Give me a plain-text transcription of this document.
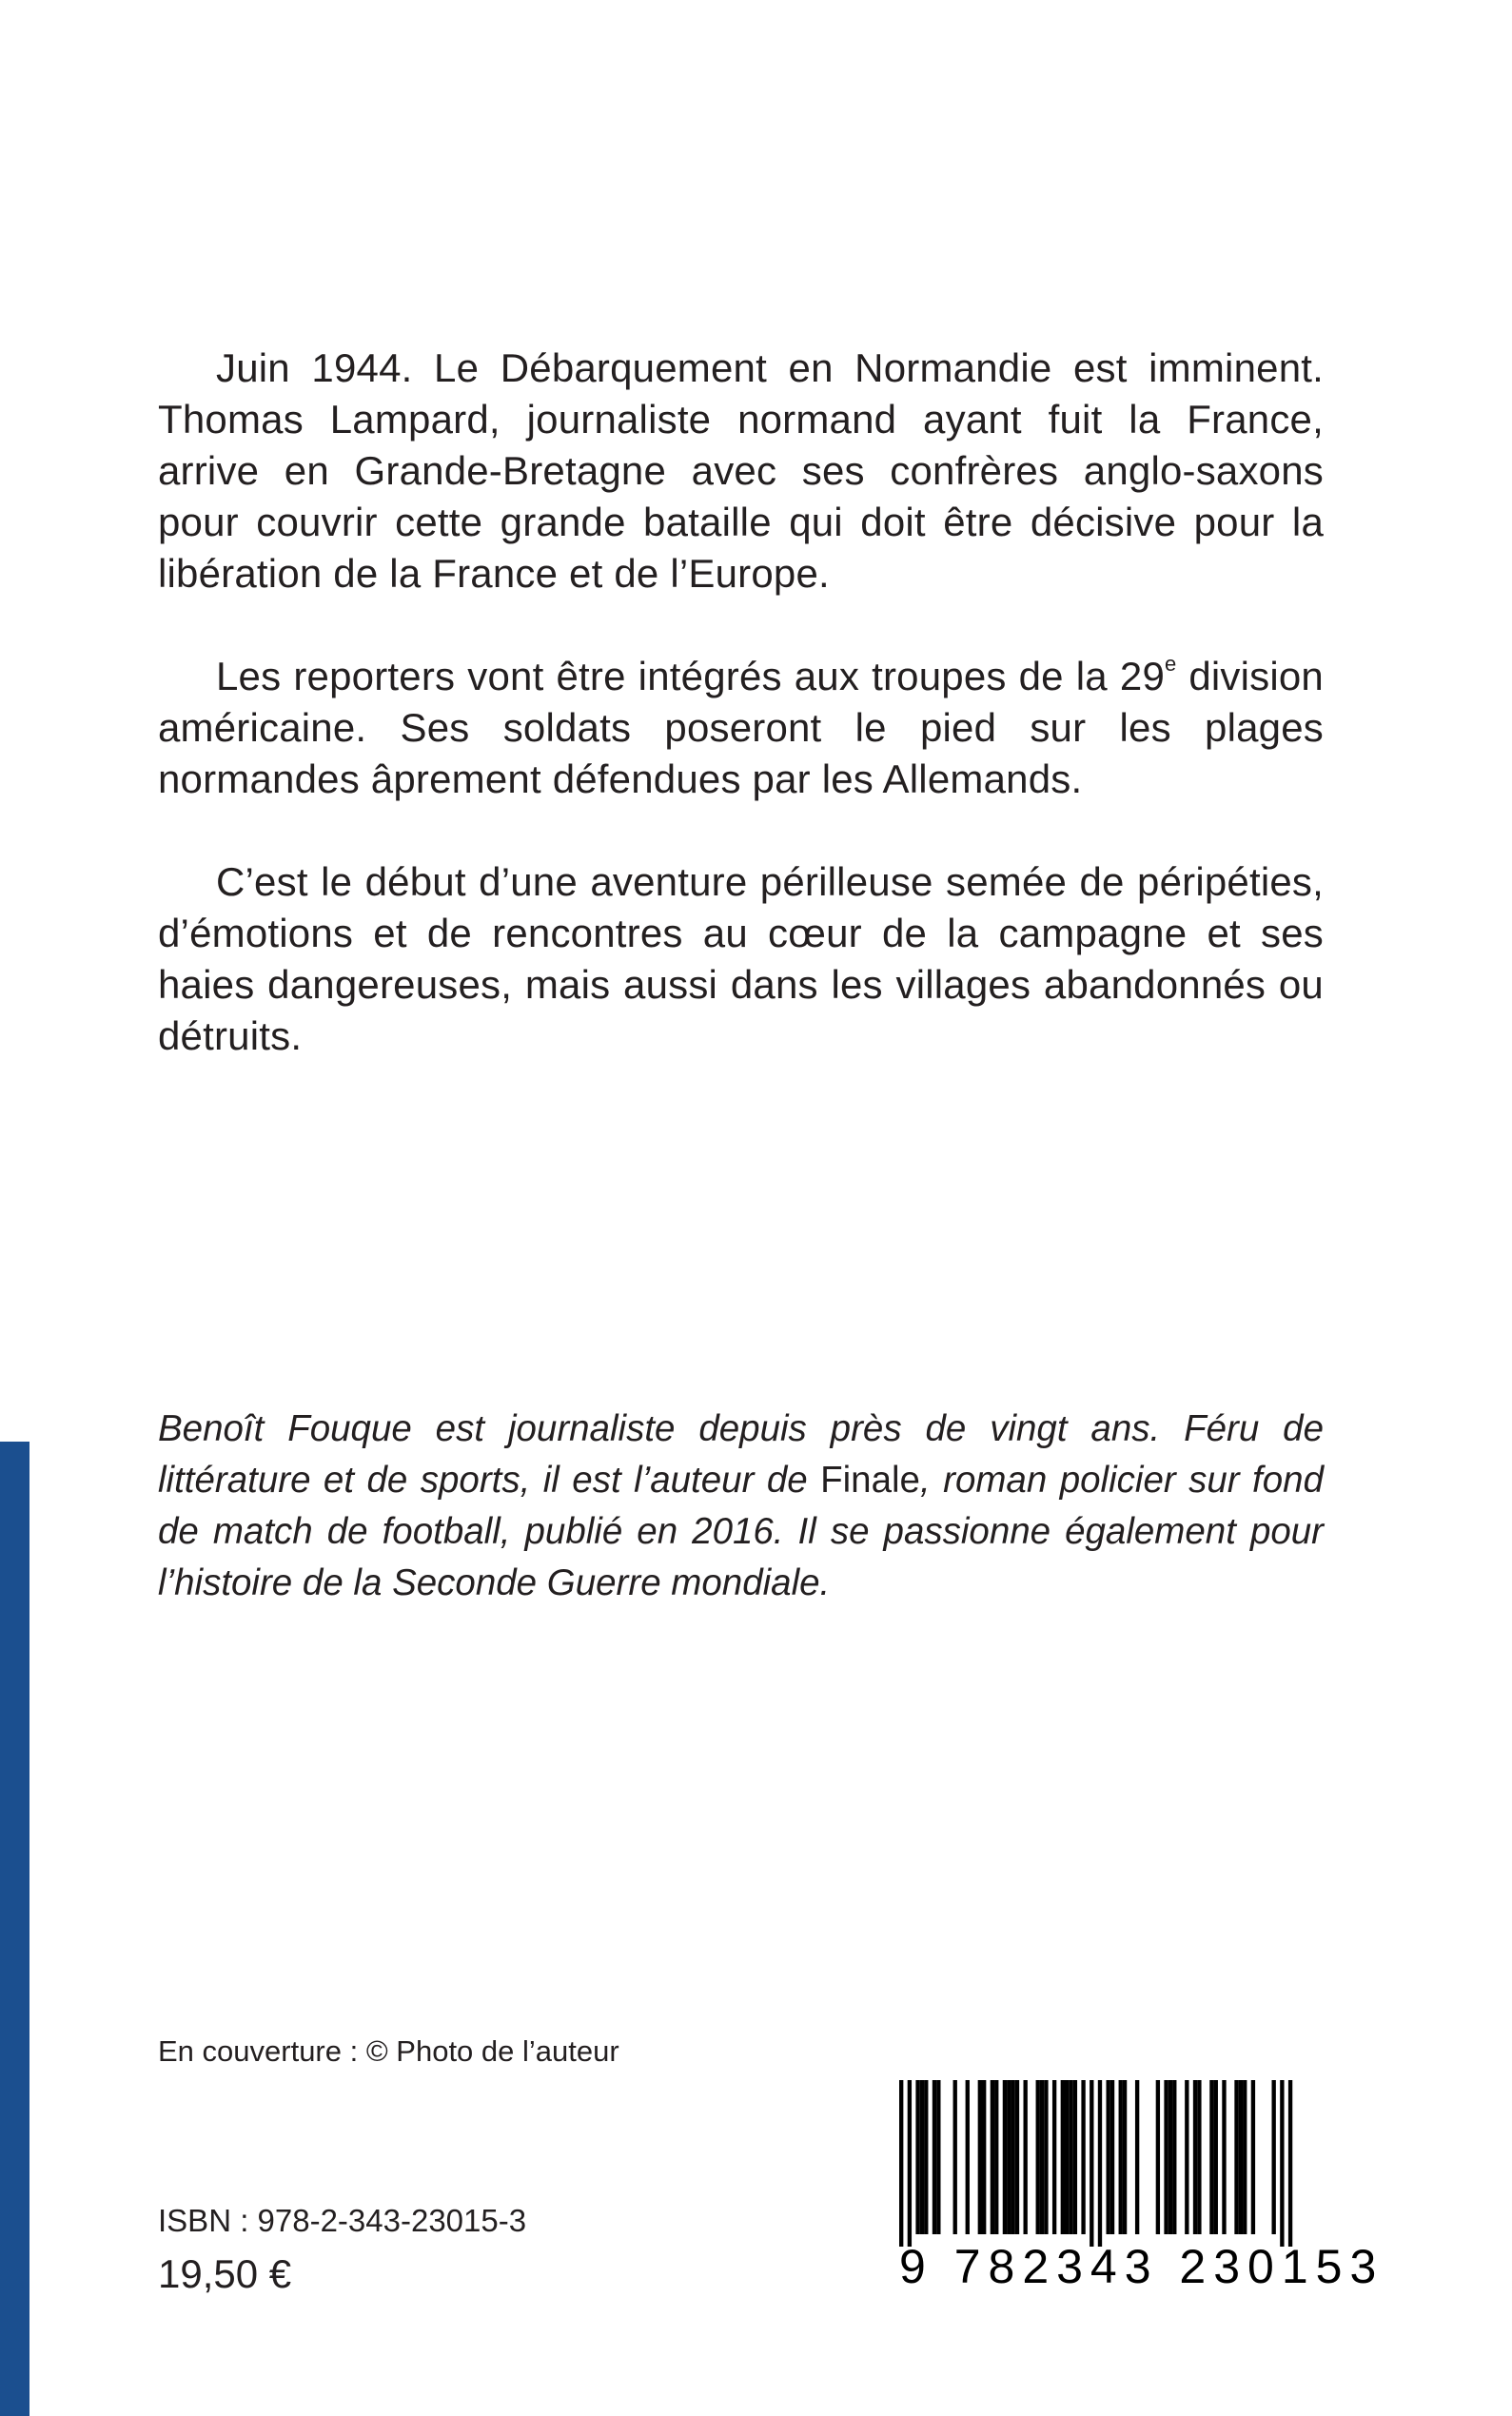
Juin 1944. Le Débarquement en Normandie est imminent. Thomas Lampard, journaliste normand ayant fuit la France, arrive en Grande-Bretagne avec ses confrères anglo-saxons pour couvrir cette grande bataille qui doit être décisive pour la libération de la France et de l’Europe.

Les reporters vont être intégrés aux troupes de la 29e division américaine. Ses soldats poseront le pied sur les plages normandes âprement défendues par les Allemands.

C’est le début d’une aventure périlleuse semée de péripéties, d’émotions et de rencontres au cœur de la campagne et ses haies dangereuses, mais aussi dans les villages abandonnés ou détruits.

Benoît Fouque est journaliste depuis près de vingt ans. Féru de littérature et de sports, il est l’auteur de Finale, roman policier sur fond de match de football, publié en 2016. Il se passionne également pour l’histoire de la Seconde Guerre mondiale.

En couverture : © Photo de l’auteur
ISBN : 978-2-343-23015-3
19,50 €	9 782343 230153
